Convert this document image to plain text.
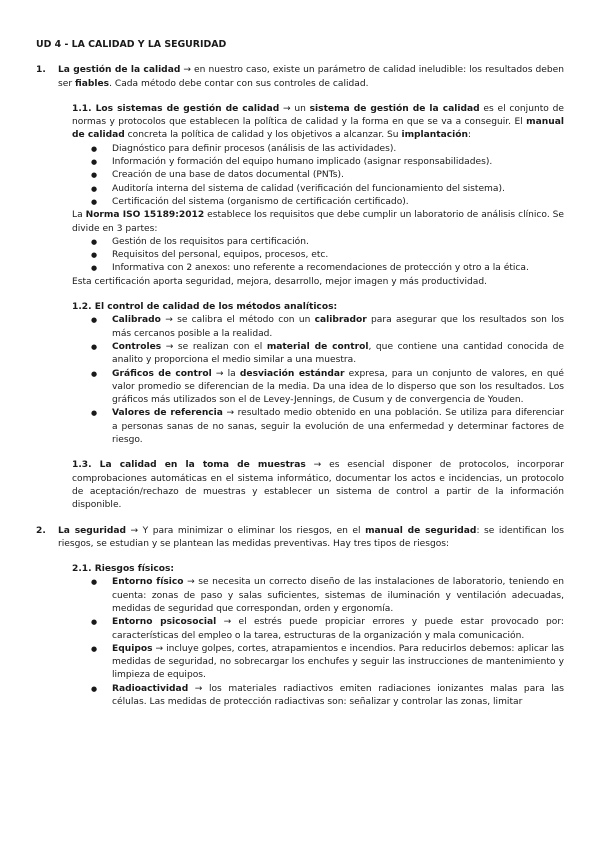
UD 4 - LA CALIDAD Y LA SEGURIDAD
1.	La gestión de la calidad → en nuestro caso, existe un parámetro de calidad ineludible: los resultados deben ser fiables. Cada método debe contar con sus controles de calidad.
1.1. Los sistemas de gestión de calidad → un sistema de gestión de la calidad es el conjunto de normas y protocolos que establecen la política de calidad y la forma en que se va a conseguir. El manual de calidad concreta la política de calidad y los objetivos a alcanzar. Su implantación:
● Diagnóstico para definir procesos (análisis de las actividades).
● Información y formación del equipo humano implicado (asignar responsabilidades).
● Creación de una base de datos documental (PNTs).
● Auditoría interna del sistema de calidad (verificación del funcionamiento del sistema).
● Certificación del sistema (organismo de certificación certificado).
La Norma ISO 15189:2012 establece los requisitos que debe cumplir un laboratorio de análisis clínico. Se divide en 3 partes:
● Gestión de los requisitos para certificación.
● Requisitos del personal, equipos, procesos, etc.
● Informativa con 2 anexos: uno referente a recomendaciones de protección y otro a la ética.
Esta certificación aporta seguridad, mejora, desarrollo, mejor imagen y más productividad.
1.2. El control de calidad de los métodos analíticos:
● Calibrado → se calibra el método con un calibrador para asegurar que los resultados son los más cercanos posible a la realidad.
● Controles → se realizan con el material de control, que contiene una cantidad conocida de analito y proporciona el medio similar a una muestra.
● Gráficos de control → la desviación estándar expresa, para un conjunto de valores, en qué valor promedio se diferencian de la media. Da una idea de lo disperso que son los resultados. Los gráficos más utilizados son el de Levey-Jennings, de Cusum y de convergencia de Youden.
● Valores de referencia → resultado medio obtenido en una población. Se utiliza para diferenciar a personas sanas de no sanas, seguir la evolución de una enfermedad y determinar factores de riesgo.
1.3. La calidad en la toma de muestras → es esencial disponer de protocolos, incorporar comprobaciones automáticas en el sistema informático, documentar los actos e incidencias, un protocolo de aceptación/rechazo de muestras y establecer un sistema de control a partir de la información disponible.
2.	La seguridad → Y para minimizar o eliminar los riesgos, en el manual de seguridad: se identifican los riesgos, se estudian y se plantean las medidas preventivas. Hay tres tipos de riesgos:
2.1. Riesgos físicos:
● Entorno físico → se necesita un correcto diseño de las instalaciones de laboratorio, teniendo en cuenta: zonas de paso y salas suficientes, sistemas de iluminación y ventilación adecuadas, medidas de seguridad que correspondan, orden y ergonomía.
● Entorno psicosocial → el estrés puede propiciar errores y puede estar provocado por: características del empleo o la tarea, estructuras de la organización y mala comunicación.
● Equipos → incluye golpes, cortes, atrapamientos e incendios. Para reducirlos debemos: aplicar las medidas de seguridad, no sobrecargar los enchufes y seguir las instrucciones de mantenimiento y limpieza de equipos.
● Radioactividad → los materiales radiactivos emiten radiaciones ionizantes malas para las células. Las medidas de protección radiactivas son: señalizar y controlar las zonas, limitar
